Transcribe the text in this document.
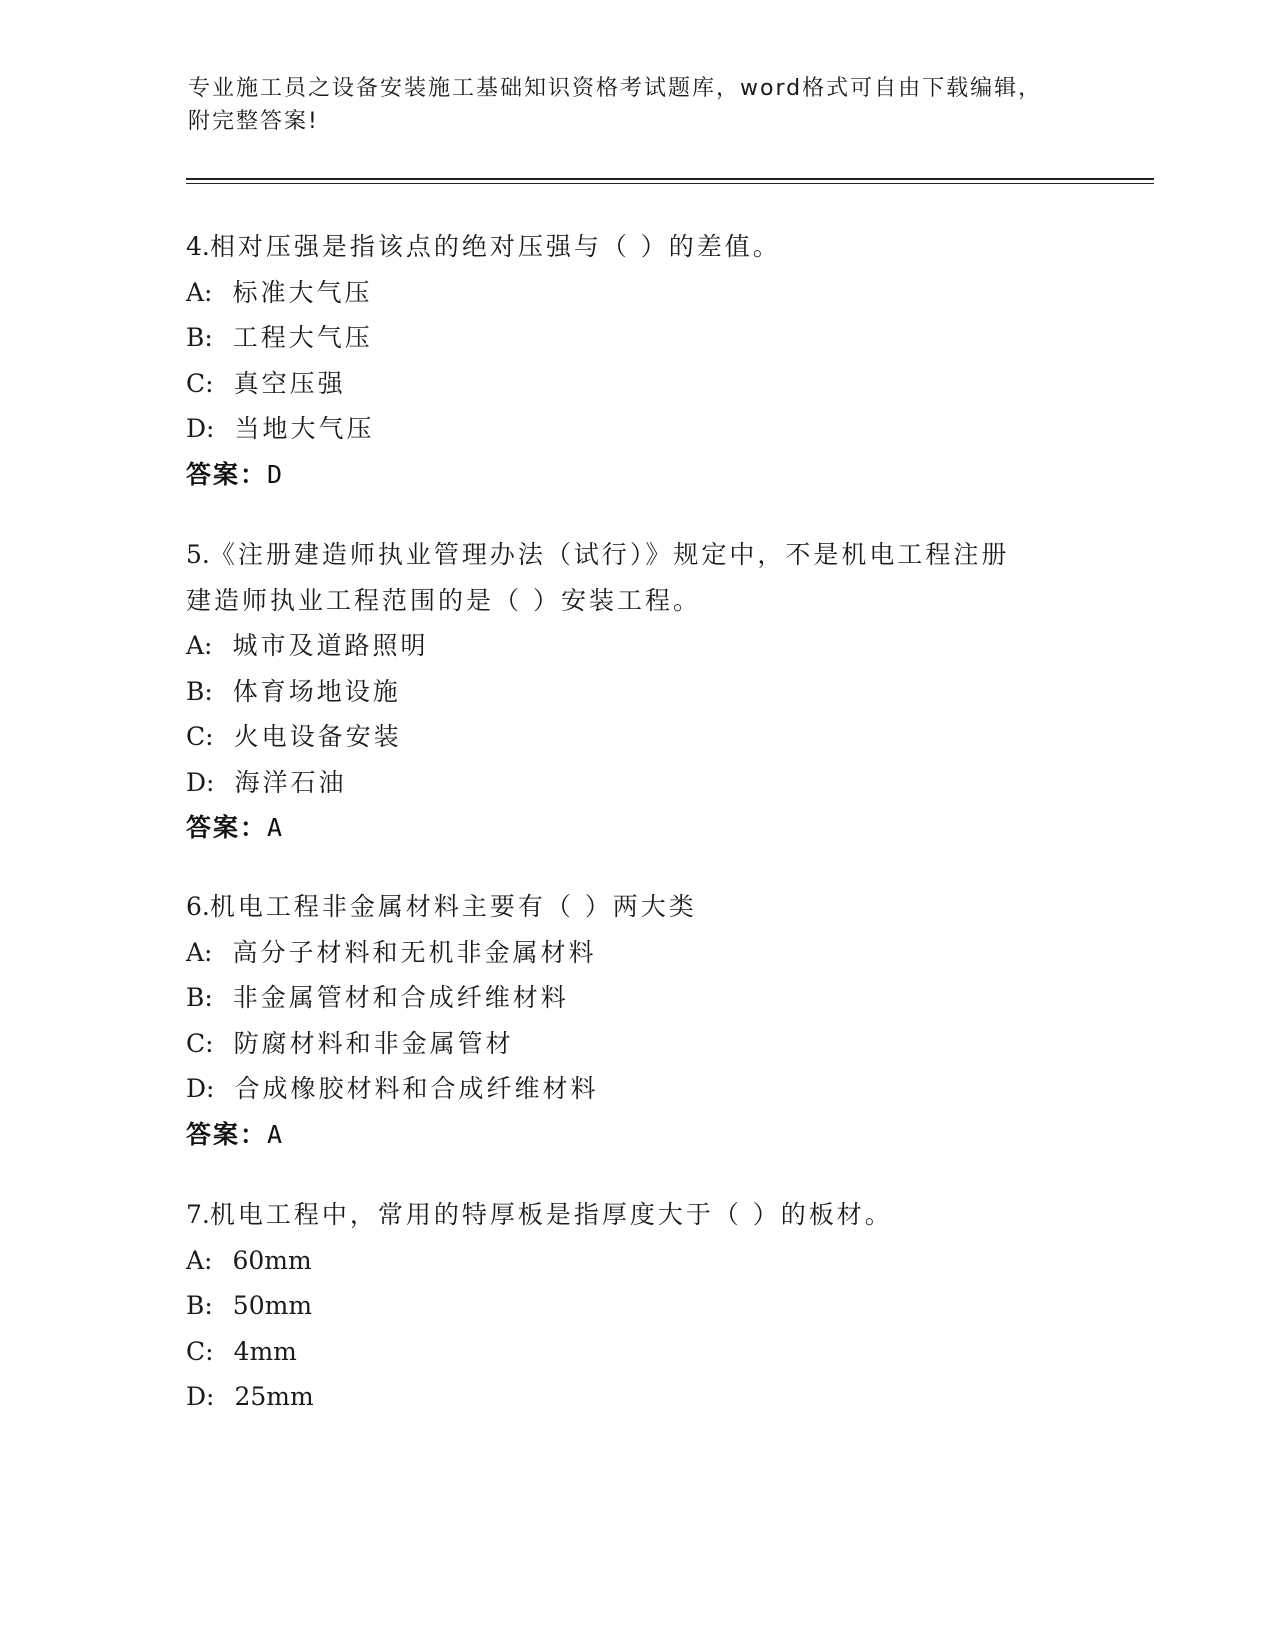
专业施工员之设备安装施工基础知识资格考试题库，word格式可自由下载编辑，

附完整答案!

4.相对压强是指该点的绝对压强与（ ）的差值。

A: 标准大气压

B: 工程大气压

C: 真空压强

D: 当地大气压

答案：D

5.《注册建造师执业管理办法（试行）》规定中，不是机电工程注册

建造师执业工程范围的是（ ）安装工程。

A: 城市及道路照明

B: 体育场地设施

C: 火电设备安装

D: 海洋石油

答案：A

6.机电工程非金属材料主要有（ ）两大类

A: 高分子材料和无机非金属材料

B: 非金属管材和合成纤维材料

C: 防腐材料和非金属管材

D: 合成橡胶材料和合成纤维材料

答案：A

7.机电工程中，常用的特厚板是指厚度大于（ ）的板材。

A: 60mm

B: 50mm

C: 4mm

D: 25mm
